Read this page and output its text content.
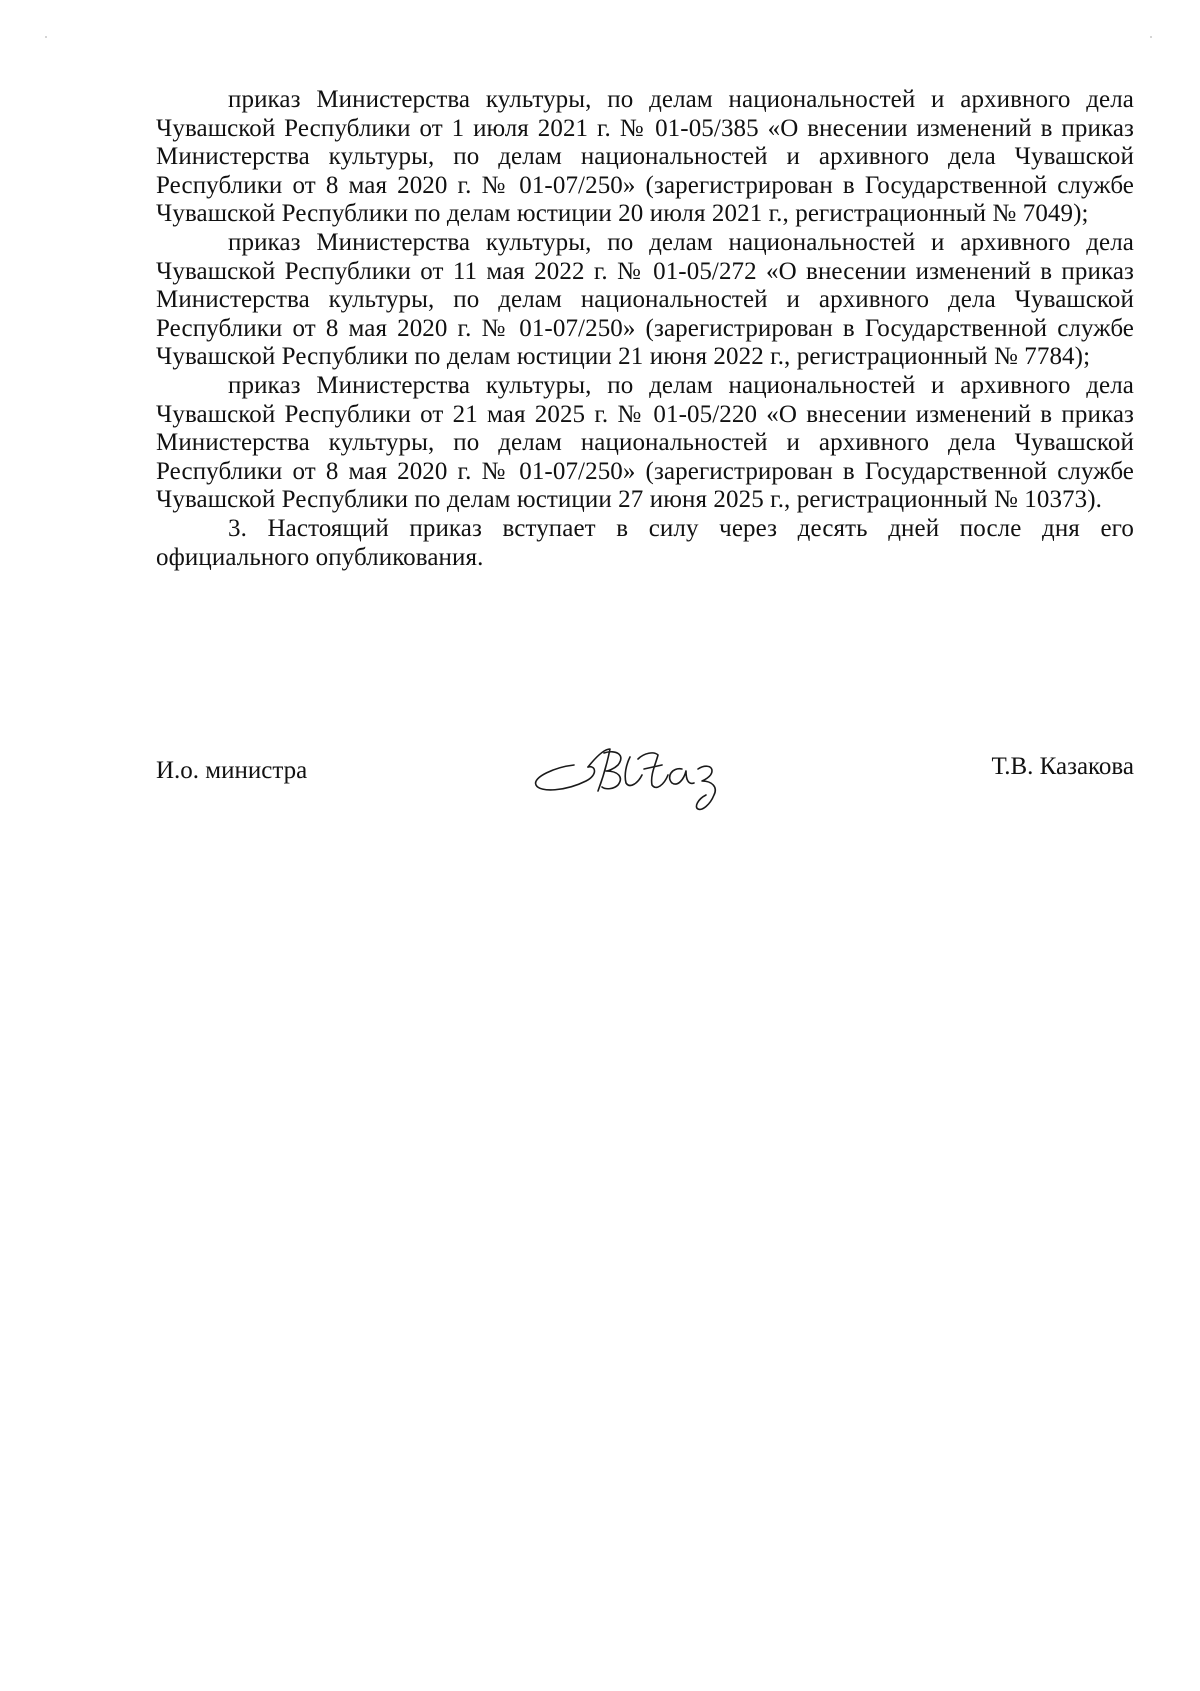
приказ Министерства культуры, по делам национальностей и архивного дела Чувашской Республики от 1 июля 2021 г. № 01-05/385 «О внесении изменений в приказ Министерства культуры, по делам национальностей и архивного дела Чувашской Республики от 8 мая 2020 г. № 01-07/250» (зарегистрирован в Государственной службе Чувашской Республики по делам юстиции 20 июля 2021 г., регистрационный № 7049);

приказ Министерства культуры, по делам национальностей и архивного дела Чувашской Республики от 11 мая 2022 г. № 01-05/272 «О внесении изменений в приказ Министерства культуры, по делам национальностей и архивного дела Чувашской Республики от 8 мая 2020 г. № 01-07/250» (зарегистрирован в Государственной службе Чувашской Республики по делам юстиции 21 июня 2022 г., регистрационный № 7784);

приказ Министерства культуры, по делам национальностей и архивного дела Чувашской Республики от 21 мая 2025 г. № 01-05/220 «О внесении изменений в приказ Министерства культуры, по делам национальностей и архивного дела Чувашской Республики от 8 мая 2020 г. № 01-07/250» (зарегистрирован в Государственной службе Чувашской Республики по делам юстиции 27 июня 2025 г., регистрационный № 10373).

3. Настоящий приказ вступает в силу через десять дней после дня его официального опубликования.

И.о. министра	Т.В. Казакова
